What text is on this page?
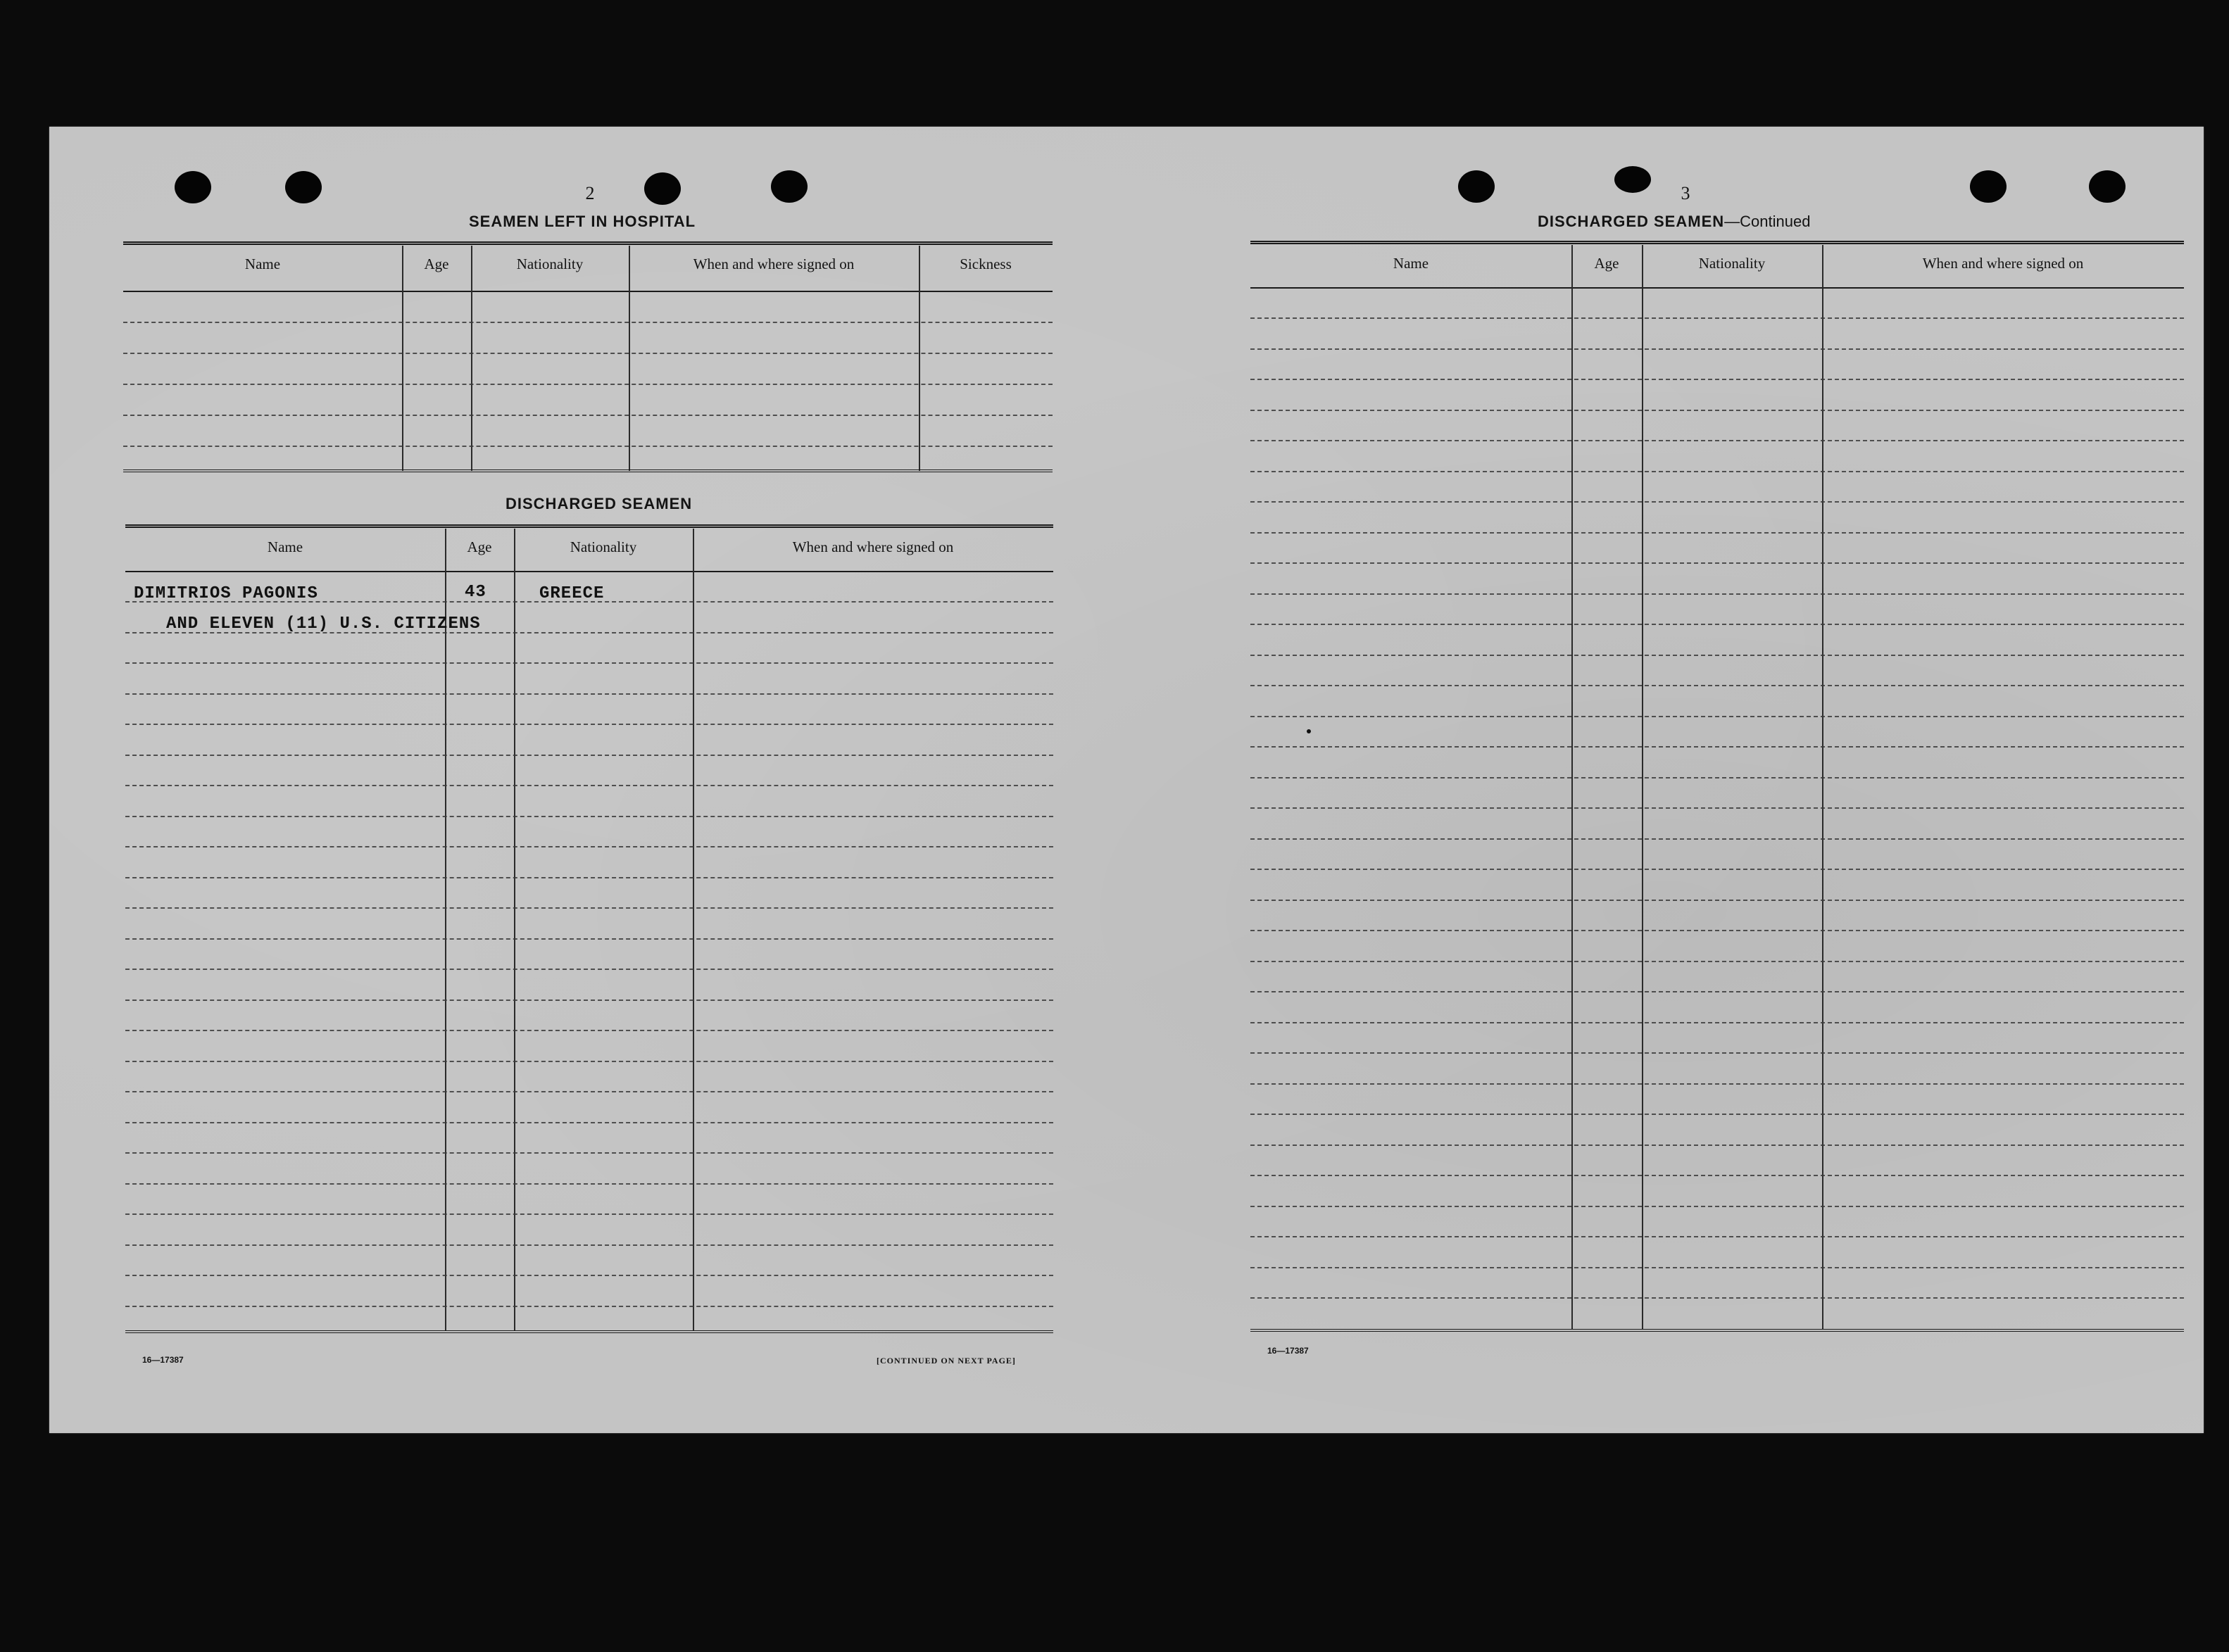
2
SEAMEN LEFT IN HOSPITAL
Name	Age	Nationality	When and where signed on	Sickness
DISCHARGED SEAMEN
Name	Age	Nationality	When and where signed on
DIMITRIOS PAGONIS	43	GREECE
AND ELEVEN (11) U.S. CITIZENS
16—17387	[CONTINUED ON NEXT PAGE]
3
DISCHARGED SEAMEN—Continued
Name	Age	Nationality	When and where signed on
16—17387
